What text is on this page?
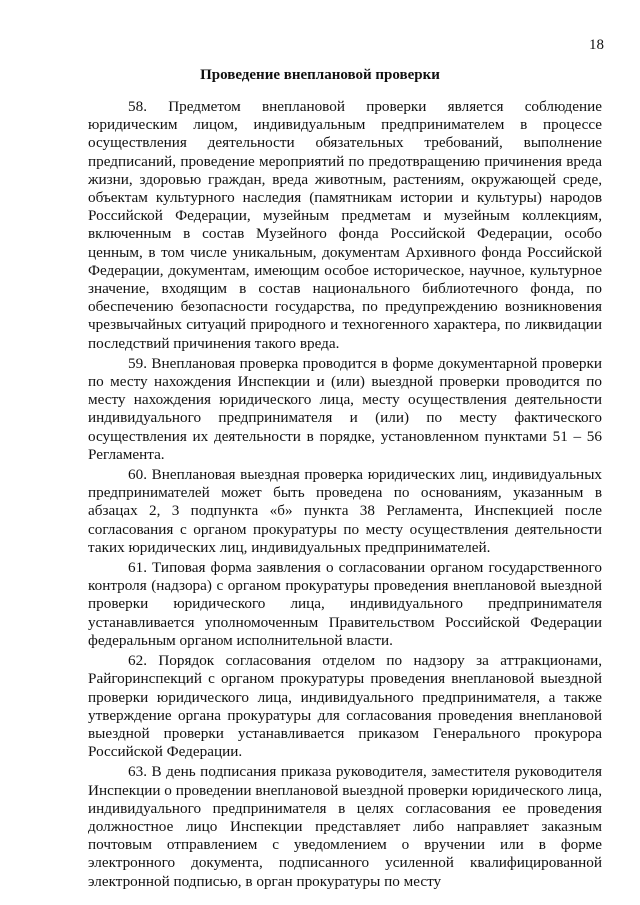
18
Проведение внеплановой проверки

58. Предметом внеплановой проверки является соблюдение юридическим лицом, индивидуальным предпринимателем в процессе осуществления деятельности обязательных требований, выполнение предписаний, проведение мероприятий по предотвращению причинения вреда жизни, здоровью граждан, вреда животным, растениям, окружающей среде, объектам культурного наследия (памятникам истории и культуры) народов Российской Федерации, музейным предметам и музейным коллекциям, включенным в состав Музейного фонда Российской Федерации, особо ценным, в том числе уникальным, документам Архивного фонда Российской Федерации, документам, имеющим особое историческое, научное, культурное значение, входящим в состав национального библиотечного фонда, по обеспечению безопасности государства, по предупреждению возникновения чрезвычайных ситуаций природного и техногенного характера, по ликвидации последствий причинения такого вреда.

59. Внеплановая проверка проводится в форме документарной проверки по месту нахождения Инспекции и (или) выездной проверки проводится по месту нахождения юридического лица, месту осуществления деятельности индивидуального предпринимателя и (или) по месту фактического осуществления их деятельности в порядке, установленном пунктами 51 – 56 Регламента.

60. Внеплановая выездная проверка юридических лиц, индивидуальных предпринимателей может быть проведена по основаниям, указанным в абзацах 2, 3 подпункта «б» пункта 38 Регламента, Инспекцией после согласования с органом прокуратуры по месту осуществления деятельности таких юридических лиц, индивидуальных предпринимателей.

61. Типовая форма заявления о согласовании органом государственного контроля (надзора) с органом прокуратуры проведения внеплановой выездной проверки юридического лица, индивидуального предпринимателя устанавливается уполномоченным Правительством Российской Федерации федеральным органом исполнительной власти.

62. Порядок согласования отделом по надзору за аттракционами, Райгоринспекций с органом прокуратуры проведения внеплановой выездной проверки юридического лица, индивидуального предпринимателя, а также утверждение органа прокуратуры для согласования проведения внеплановой выездной проверки устанавливается приказом Генерального прокурора Российской Федерации.

63. В день подписания приказа руководителя, заместителя руководителя Инспекции о проведении внеплановой выездной проверки юридического лица, индивидуального предпринимателя в целях согласования ее проведения должностное лицо Инспекции представляет либо направляет заказным почтовым отправлением с уведомлением о вручении или в форме электронного документа, подписанного усиленной квалифицированной электронной подписью, в орган прокуратуры по месту
